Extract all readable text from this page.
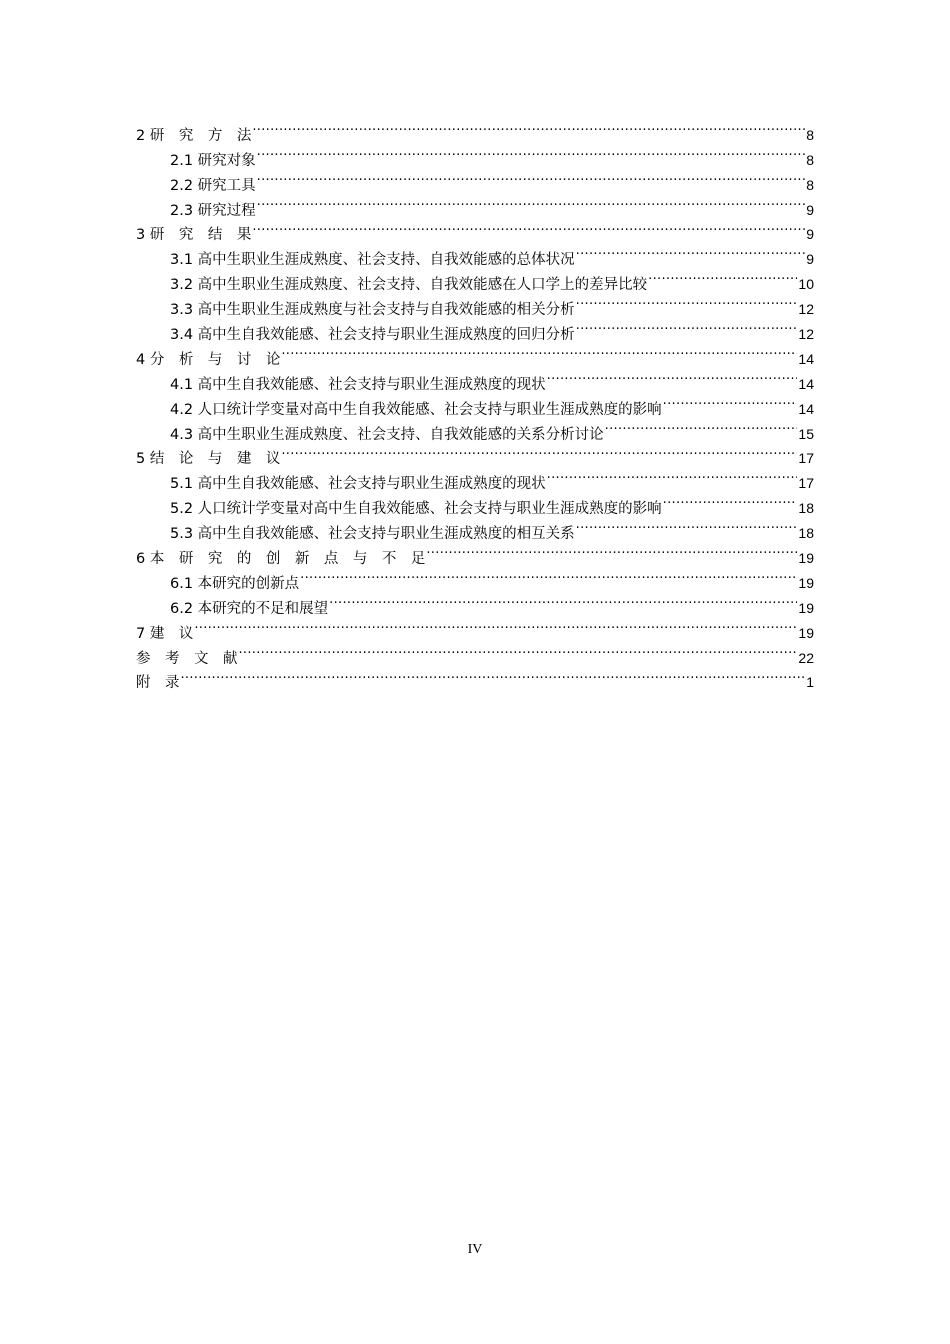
2 研　究　方　法 .....	8
2.1 研究对象 .....	8
2.2 研究工具 .....	8
2.3 研究过程 .....	9
3 研　究　结　果 .....	9
3.1 高中生职业生涯成熟度、社会支持、自我效能感的总体状况 .....	9
3.2 高中生职业生涯成熟度、社会支持、自我效能感在人口学上的差异比较 .....	10
3.3 高中生职业生涯成熟度与社会支持与自我效能感的相关分析 .....	12
3.4 高中生自我效能感、社会支持与职业生涯成熟度的回归分析 .....	12
4 分　析　与　讨　论 .....	14
4.1 高中生自我效能感、社会支持与职业生涯成熟度的现状 .....	14
4.2 人口统计学变量对高中生自我效能感、社会支持与职业生涯成熟度的影响 .....	14
4.3 高中生职业生涯成熟度、社会支持、自我效能感的关系分析讨论 .....	15
5 结　论　与　建　议 .....	17
5.1 高中生自我效能感、社会支持与职业生涯成熟度的现状 .....	17
5.2 人口统计学变量对高中生自我效能感、社会支持与职业生涯成熟度的影响 .....	18
5.3 高中生自我效能感、社会支持与职业生涯成熟度的相互关系 .....	18
6 本　研　究　的　创　新　点　与　不　足 .....	19
6.1 本研究的创新点 .....	19
6.2 本研究的不足和展望 .....	19
7 建　议 .....	19
参　考　文　献 .....	22
附　录 .....	1
IV
